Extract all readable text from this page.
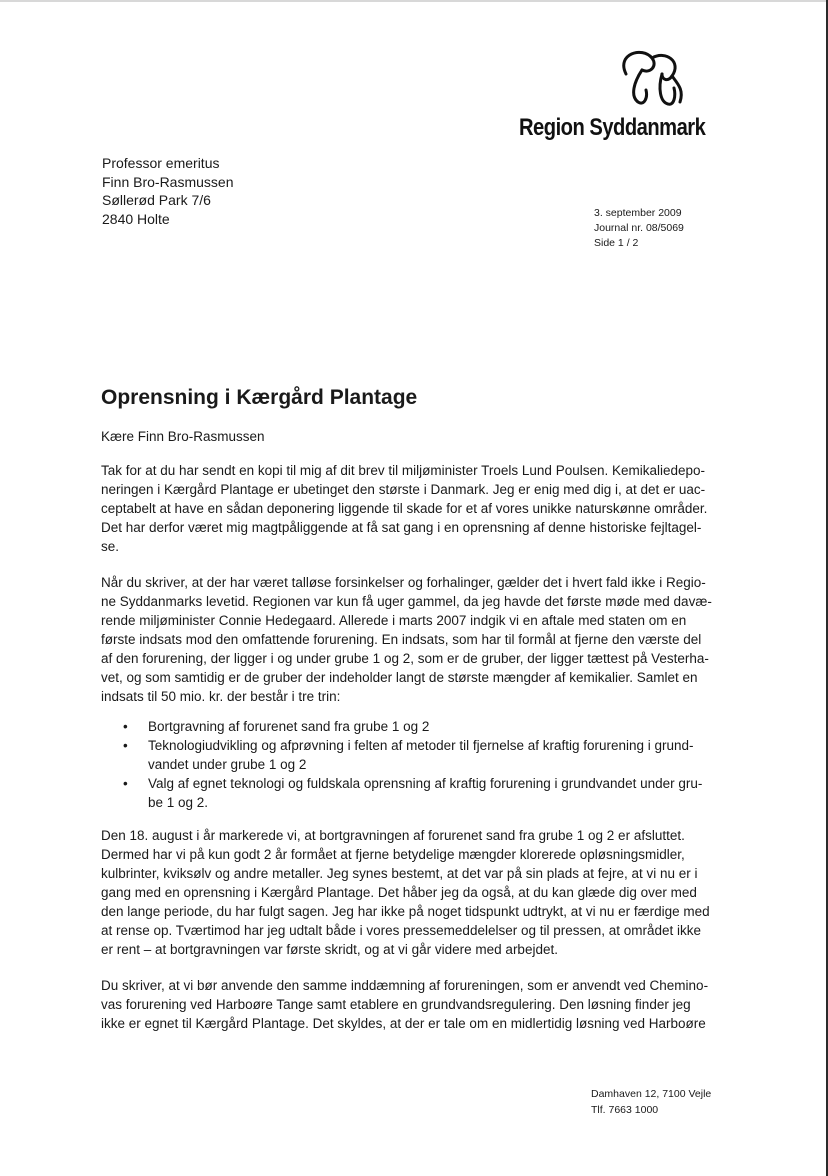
Region Syddanmark
Professor emeritus
Finn Bro-Rasmussen
Søllerød Park 7/6
2840 Holte	3. september 2009
Journal nr. 08/5069
Side 1 / 2
Oprensning i Kærgård Plantage
Kære Finn Bro-Rasmussen
Tak for at du har sendt en kopi til mig af dit brev til miljøminister Troels Lund Poulsen. Kemikaliedepo-
neringen i Kærgård Plantage er ubetinget den største i Danmark. Jeg er enig med dig i, at det er uac-
ceptabelt at have en sådan deponering liggende til skade for et af vores unikke naturskønne områder.
Det har derfor været mig magtpåliggende at få sat gang i en oprensning af denne historiske fejltagel-
se.
Når du skriver, at der har været talløse forsinkelser og forhalinger, gælder det i hvert fald ikke i Regio-
ne Syddanmarks levetid. Regionen var kun få uger gammel, da jeg havde det første møde med davæ-
rende miljøminister Connie Hedegaard. Allerede i marts 2007 indgik vi en aftale med staten om en
første indsats mod den omfattende forurening. En indsats, som har til formål at fjerne den værste del
af den forurening, der ligger i og under grube 1 og 2, som er de gruber, der ligger tættest på Vesterha-
vet, og som samtidig er de gruber der indeholder langt de største mængder af kemikalier. Samlet en
indsats til 50 mio. kr. der består i tre trin:
• Bortgravning af forurenet sand fra grube 1 og 2
• Teknologiudvikling og afprøvning i felten af metoder til fjernelse af kraftig forurening i grund-
vandet under grube 1 og 2
• Valg af egnet teknologi og fuldskala oprensning af kraftig forurening i grundvandet under gru-
be 1 og 2.
Den 18. august i år markerede vi, at bortgravningen af forurenet sand fra grube 1 og 2 er afsluttet.
Dermed har vi på kun godt 2 år formået at fjerne betydelige mængder klorerede opløsningsmidler,
kulbrinter, kviksølv og andre metaller. Jeg synes bestemt, at det var på sin plads at fejre, at vi nu er i
gang med en oprensning i Kærgård Plantage. Det håber jeg da også, at du kan glæde dig over med
den lange periode, du har fulgt sagen. Jeg har ikke på noget tidspunkt udtrykt, at vi nu er færdige med
at rense op. Tværtimod har jeg udtalt både i vores pressemeddelelser og til pressen, at området ikke
er rent – at bortgravningen var første skridt, og at vi går videre med arbejdet.
Du skriver, at vi bør anvende den samme inddæmning af forureningen, som er anvendt ved Chemino-
vas forurening ved Harboøre Tange samt etablere en grundvandsregulering. Den løsning finder jeg
ikke er egnet til Kærgård Plantage. Det skyldes, at der er tale om en midlertidig løsning ved Harboøre
Damhaven 12, 7100 Vejle
Tlf. 7663 1000
